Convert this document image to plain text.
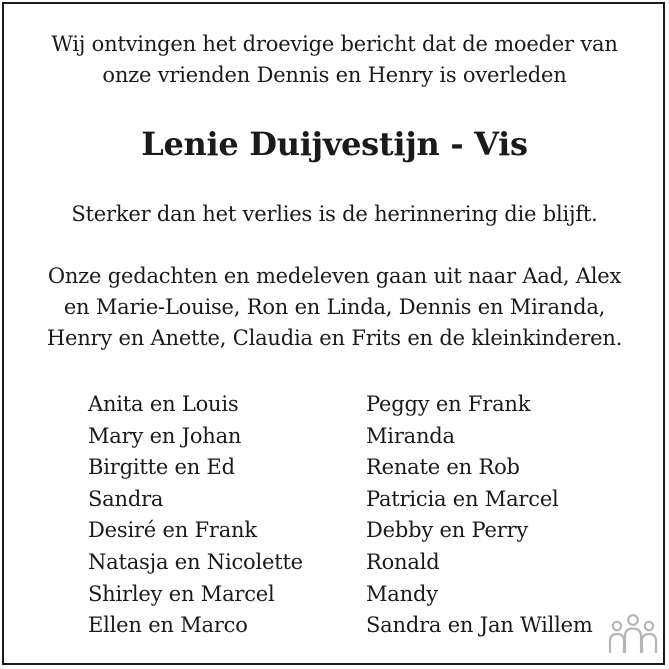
Wij ontvingen het droevige bericht dat de moeder van
onze vrienden Dennis en Henry is overleden
Lenie Duijvestijn - Vis
Sterker dan het verlies is de herinnering die blijft.
Onze gedachten en medeleven gaan uit naar Aad, Alex
en Marie-Louise, Ron en Linda, Dennis en Miranda,
Henry en Anette, Claudia en Frits en de kleinkinderen.
Anita en Louis
Mary en Johan
Birgitte en Ed
Sandra
Desiré en Frank
Natasja en Nicolette
Shirley en Marcel
Ellen en Marco
Peggy en Frank
Miranda
Renate en Rob
Patricia en Marcel
Debby en Perry
Ronald
Mandy
Sandra en Jan Willem
